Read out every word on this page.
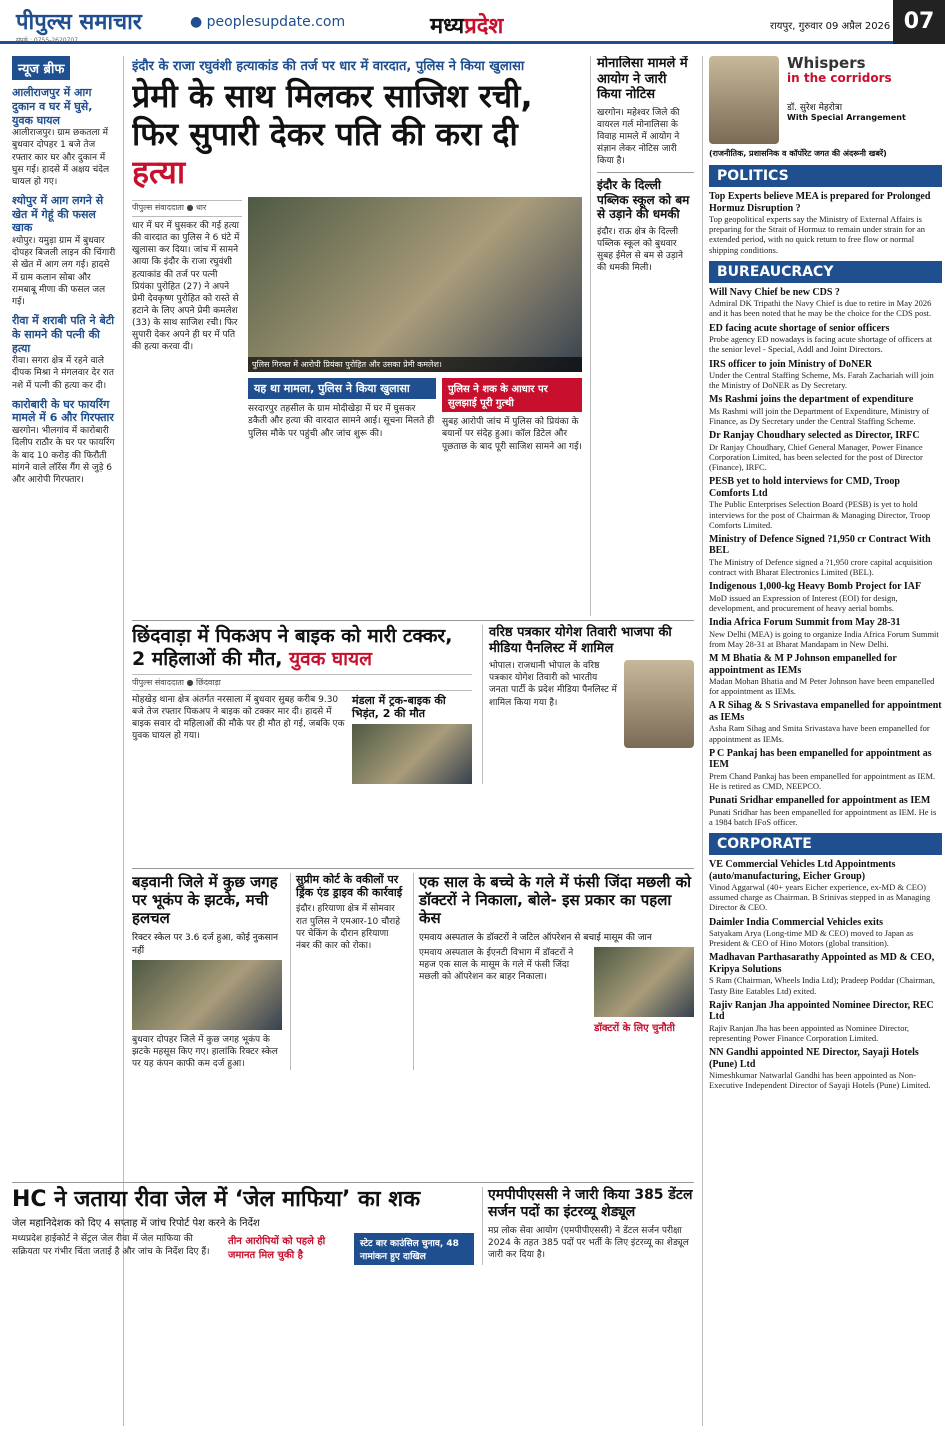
पीपुल्स समाचार
संपर्क : 0755-2620707
● peoplesupdate.com	मध्यप्रदेश	रायपुर, गुरुवार 09 अप्रैल 2026 07
न्यूज ब्रीफ
आलीराजपुर में आग दुकान व घर में घुसे, युवक घायल
आलीराजपुर। ग्राम छकतला में बुधवार दोपहर 1 बजे तेज रफ्तार कार घर और दुकान में घुस गई। हादसे में अक्षय चंदेल घायल हो गए।
श्योपुर में आग लगने से खेत में गेहूं की फसल खाक
श्योपुर। यमुड़ा ग्राम में बुधवार दोपहर बिजली लाइन की चिंगारी से खेत में आग लग गई। हादसे में ग्राम कलान सोबा और रामबाबू मीणा की फसल जल गई।
रीवा में शराबी पति ने बेटी के सामने की पत्नी की हत्या
रीवा। सगरा क्षेत्र में रहने वाले दीपक मिश्रा ने मंगलवार देर रात नशे में पत्नी की हत्या कर दी।
कारोबारी के घर फायरिंग मामले में 6 और गिरफ्तार
खरगोन। भीलगांव में कारोबारी दिलीप राठौर के घर पर फायरिंग के बाद 10 करोड़ की फिरौती मांगने वाले लॉरेंस गैंग से जुड़े 6 और आरोपी गिरफ्तार।
इंदौर के राजा रघुवंशी हत्याकांड की तर्ज पर धार में वारदात, पुलिस ने किया खुलासा
प्रेमी के साथ मिलकर साजिश रची,
फिर सुपारी देकर पति की करा दी हत्या
पीपुल्स संवाददाता ● धार
धार में घर में घुसकर की गई हत्या की वारदात का पुलिस ने 6 घंटे में खुलासा कर दिया। जांच में सामने आया कि इंदौर के राजा रघुवंशी हत्याकांड की तर्ज पर पत्नी प्रियंका पुरोहित (27) ने अपने प्रेमी देवकृष्ण पुरोहित को रास्ते से हटाने के लिए अपने प्रेमी कमलेश (33) के साथ साजिश रची। फिर सुपारी देकर अपने ही घर में पति की हत्या करवा दी।
पुलिस गिरफ्त में आरोपी प्रियंका पुरोहित और उसका प्रेमी कमलेश।
यह था मामला, पुलिस ने किया खुलासा
सरदारपुर तहसील के ग्राम मोदीखेड़ा में घर में घुसकर डकैती और हत्या की वारदात सामने आई। सूचना मिलते ही पुलिस मौके पर पहुंची और जांच शुरू की।
पुलिस ने शक के आधार पर सुलझाई पूरी गुत्थी
सुबह आरोपी जांच में पुलिस को प्रियंका के बयानों पर संदेह हुआ। कॉल डिटेल और पूछताछ के बाद पूरी साजिश सामने आ गई।
मोनालिसा मामले में आयोग ने जारी किया नोटिस
खरगोन। महेश्वर जिले की वायरल गर्ल मोनालिसा के विवाह मामले में आयोग ने संज्ञान लेकर नोटिस जारी किया है।
इंदौर के दिल्ली पब्लिक स्कूल को बम से उड़ाने की धमकी
इंदौर। राऊ क्षेत्र के दिल्ली पब्लिक स्कूल को बुधवार सुबह ईमेल से बम से उड़ाने की धमकी मिली।
Whispers
in the corridors
डॉ. सुरेश मेहरोत्रा
With Special Arrangement
(राजनीतिक, प्रशासनिक व कॉर्पोरेट जगत की अंदरूनी खबरें)
POLITICS
Top Experts believe MEA is prepared for Prolonged Hormuz Disruption ?
Top geopolitical experts say the Ministry of External Affairs is preparing for the Strait of Hormuz to remain under strain for an extended period, with no quick return to free flow or normal shipping conditions.
BUREAUCRACY
Will Navy Chief be new CDS ?
Admiral DK Tripathi the Navy Chief is due to retire in May 2026 and it has been noted that he may be the choice for the CDS post.
ED facing acute shortage of senior officers
Probe agency ED nowadays is facing acute shortage of officers at the senior level - Special, Addl and Joint Directors.
IRS officer to join Ministry of DoNER
Under the Central Staffing Scheme, Ms. Farah Zachariah will join the Ministry of DoNER as Dy Secretary.
Ms Rashmi joins the department of expenditure
Ms Rashmi will join the Department of Expenditure, Ministry of Finance, as Dy Secretary under the Central Staffing Scheme.
Dr Ranjay Choudhary selected as Director, IRFC
Dr Ranjay Choudhary, Chief General Manager, Power Finance Corporation Limited, has been selected for the post of Director (Finance), IRFC.
PESB yet to hold interviews for CMD, Troop Comforts Ltd
The Public Enterprises Selection Board (PESB) is yet to hold interviews for the post of Chairman & Managing Director, Troop Comforts Limited.
Ministry of Defence Signed ?1,950 cr Contract With BEL
The Ministry of Defence signed a ?1,950 crore capital acquisition contract with Bharat Electronics Limited (BEL).
Indigenous 1,000-kg Heavy Bomb Project for IAF
MoD issued an Expression of Interest (EOI) for design, development, and procurement of heavy aerial bombs.
India Africa Forum Summit from May 28-31
New Delhi (MEA) is going to organize India Africa Forum Summit from May 28-31 at Bharat Mandapam in New Delhi.
M M Bhatia & M P Johnson empanelled for appointment as IEMs
Madan Mohan Bhatia and M Peter Johnson have been empanelled for appointment as IEMs.
A R Sihag & S Srivastava empanelled for appointment as IEMs
Asha Ram Sihag and Smita Srivastava have been empanelled for appointment as IEMs.
P C Pankaj has been empanelled for appointment as IEM
Prem Chand Pankaj has been empanelled for appointment as IEM. He is retired as CMD, NEEPCO.
Punati Sridhar empanelled for appointment as IEM
Punati Sridhar has been empanelled for appointment as IEM. He is a 1984 batch IFoS officer.
CORPORATE
VE Commercial Vehicles Ltd Appointments (auto/manufacturing, Eicher Group)
Vinod Aggarwal (40+ years Eicher experience, ex-MD & CEO) assumed charge as Chairman. B Srinivas stepped in as Managing Director & CEO.
Daimler India Commercial Vehicles exits
Satyakam Arya (Long-time MD & CEO) moved to Japan as President & CEO of Hino Motors (global transition).
Madhavan Parthasarathy Appointed as MD & CEO, Kripya Solutions
S Ram (Chairman, Wheels India Ltd); Pradeep Poddar (Chairman, Tasty Bite Eatables Ltd) exited.
Rajiv Ranjan Jha appointed Nominee Director, REC Ltd
Rajiv Ranjan Jha has been appointed as Nominee Director, representing Power Finance Corporation Limited.
NN Gandhi appointed NE Director, Sayaji Hotels (Pune) Ltd
Nimeshkumar Natwarlal Gandhi has been appointed as Non-Executive Independent Director of Sayaji Hotels (Pune) Limited.
छिंदवाड़ा में पिकअप ने बाइक को मारी टक्कर, 2 महिलाओं की मौत, युवक घायल
पीपुल्स संवाददाता ● छिंदवाड़ा
मोहखेड़ थाना क्षेत्र अंतर्गत नरसाला में बुधवार सुबह करीब 9.30 बजे तेज रफ्तार पिकअप ने बाइक को टक्कर मार दी। हादसे में बाइक सवार दो महिलाओं की मौके पर ही मौत हो गई, जबकि एक युवक घायल हो गया।
मंडला में ट्रक-बाइक की भिड़ंत, 2 की मौत
वरिष्ठ पत्रकार योगेश तिवारी भाजपा की मीडिया पैनलिस्ट में शामिल
भोपाल। राजधानी भोपाल के वरिष्ठ पत्रकार योगेश तिवारी को भारतीय जनता पार्टी के प्रदेश मीडिया पैनलिस्ट में शामिल किया गया है।
बड़वानी जिले में कुछ जगह पर भूकंप के झटके, मची हलचल
रिक्टर स्केल पर 3.6 दर्ज हुआ, कोई नुकसान नहीं
बुधवार दोपहर जिले में कुछ जगह भूकंप के झटके महसूस किए गए। हालांकि रिक्टर स्केल पर यह कंपन काफी कम दर्ज हुआ।
सुप्रीम कोर्ट के वकीलों पर ड्रिंक एंड ड्राइव की कार्रवाई
इंदौर। हरियाणा क्षेत्र में सोमवार रात पुलिस ने एमआर-10 चौराहे पर चेकिंग के दौरान हरियाणा नंबर की कार को रोका।
एक साल के बच्चे के गले में फंसी जिंदा मछली को डॉक्टरों ने निकाला, बोले- इस प्रकार का पहला केस
एमवाय अस्पताल के डॉक्टरों ने जटिल ऑपरेशन से बचाई मासूम की जान
एमवाय अस्पताल के ईएनटी विभाग में डॉक्टरों ने महज एक साल के मासूम के गले में फंसी जिंदा मछली को ऑपरेशन कर बाहर निकाला।
डॉक्टरों के लिए चुनौती
HC ने जताया रीवा जेल में ‘जेल माफिया’ का शक
जेल महानिदेशक को दिए 4 सप्ताह में जांच रिपोर्ट पेश करने के निर्देश
मध्यप्रदेश हाईकोर्ट ने सेंट्रल जेल रीवा में जेल माफिया की सक्रियता पर गंभीर चिंता जताई है और जांच के निर्देश दिए हैं।
तीन आरोपियों को पहले ही जमानत मिल चुकी है
स्टेट बार काउंसिल चुनाव, 48 नामांकन हुए दाखिल
एमपीपीएससी ने जारी किया 385 डेंटल सर्जन पदों का इंटरव्यू शेड्यूल
मप्र लोक सेवा आयोग (एमपीपीएससी) ने डेंटल सर्जन परीक्षा 2024 के तहत 385 पदों पर भर्ती के लिए इंटरव्यू का शेड्यूल जारी कर दिया है।
